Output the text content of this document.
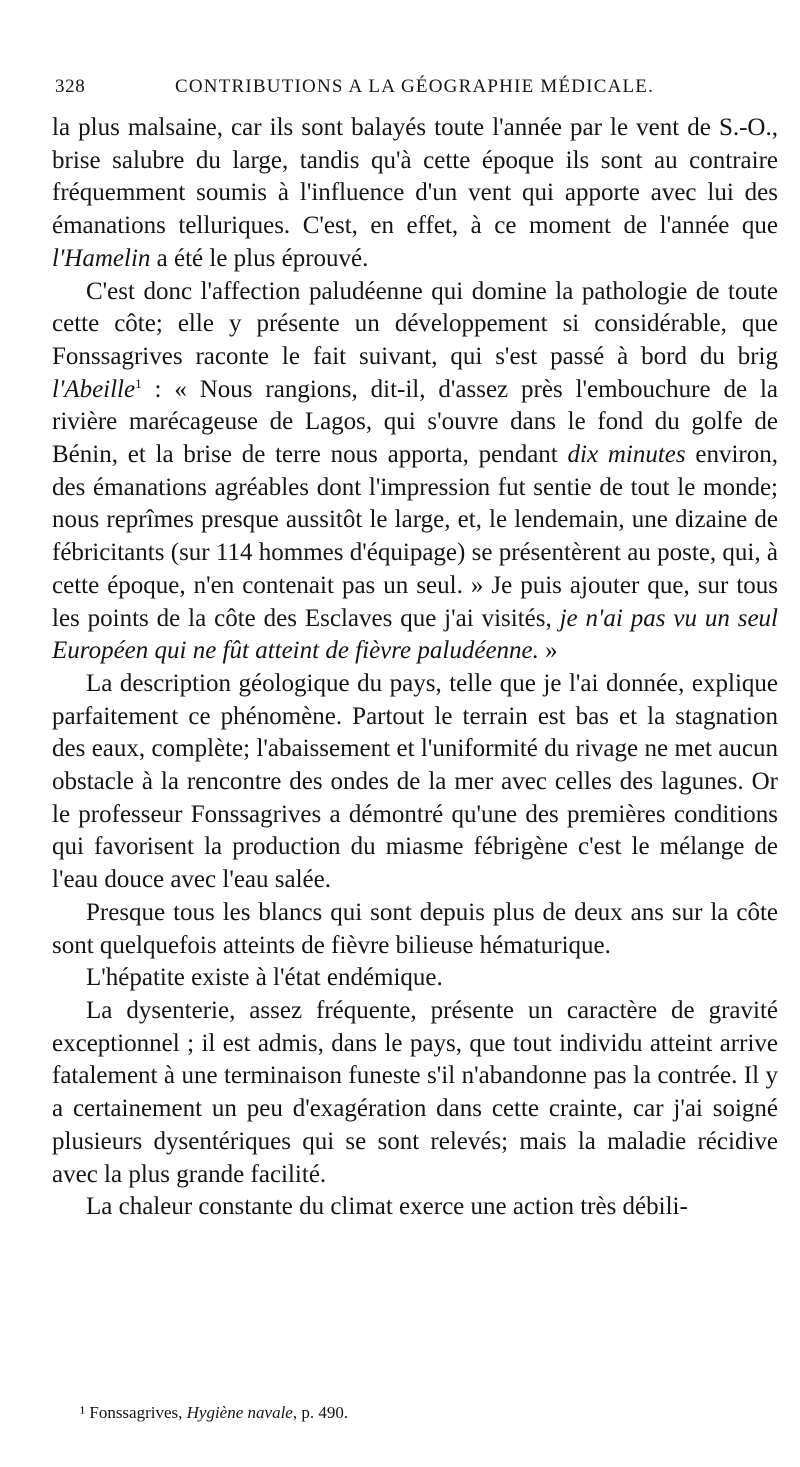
328	CONTRIBUTIONS A LA GÉOGRAPHIE MÉDICALE.

la plus malsaine, car ils sont balayés toute l'année par le vent de S.-O., brise salubre du large, tandis qu'à cette époque ils sont au contraire fréquemment soumis à l'influence d'un vent qui apporte avec lui des émanations telluriques. C'est, en effet, à ce moment de l'année que l'Hamelin a été le plus éprouvé.

C'est donc l'affection paludéenne qui domine la pathologie de toute cette côte; elle y présente un développement si considérable, que Fonssagrives raconte le fait suivant, qui s'est passé à bord du brig l'Abeille$^1$ : « Nous rangions, dit-il, d'assez près l'embouchure de la rivière marécageuse de Lagos, qui s'ouvre dans le fond du golfe de Bénin, et la brise de terre nous apporta, pendant dix minutes environ, des émanations agréables dont l'impression fut sentie de tout le monde; nous reprîmes presque aussitôt le large, et, le lendemain, une dizaine de fébricitants (sur 114 hommes d'équipage) se présentèrent au poste, qui, à cette époque, n'en contenait pas un seul. » Je puis ajouter que, sur tous les points de la côte des Esclaves que j'ai visités, je n'ai pas vu un seul Européen qui ne fût atteint de fièvre paludéenne. »

La description géologique du pays, telle que je l'ai donnée, explique parfaitement ce phénomène. Partout le terrain est bas et la stagnation des eaux, complète; l'abaissement et l'uniformité du rivage ne met aucun obstacle à la rencontre des ondes de la mer avec celles des lagunes. Or le professeur Fonssagrives a démontré qu'une des premières conditions qui favorisent la production du miasme fébrigène c'est le mélange de l'eau douce avec l'eau salée.

Presque tous les blancs qui sont depuis plus de deux ans sur la côte sont quelquefois atteints de fièvre bilieuse hématurique.

L'hépatite existe à l'état endémique.

La dysenterie, assez fréquente, présente un caractère de gravité exceptionnel ; il est admis, dans le pays, que tout individu atteint arrive fatalement à une terminaison funeste s'il n'abandonne pas la contrée. Il y a certainement un peu d'exagération dans cette crainte, car j'ai soigné plusieurs dysentériques qui se sont relevés; mais la maladie récidive avec la plus grande facilité.

La chaleur constante du climat exerce une action très débili-

¹ Fonssagrives, Hygiène navale, p. 490.
